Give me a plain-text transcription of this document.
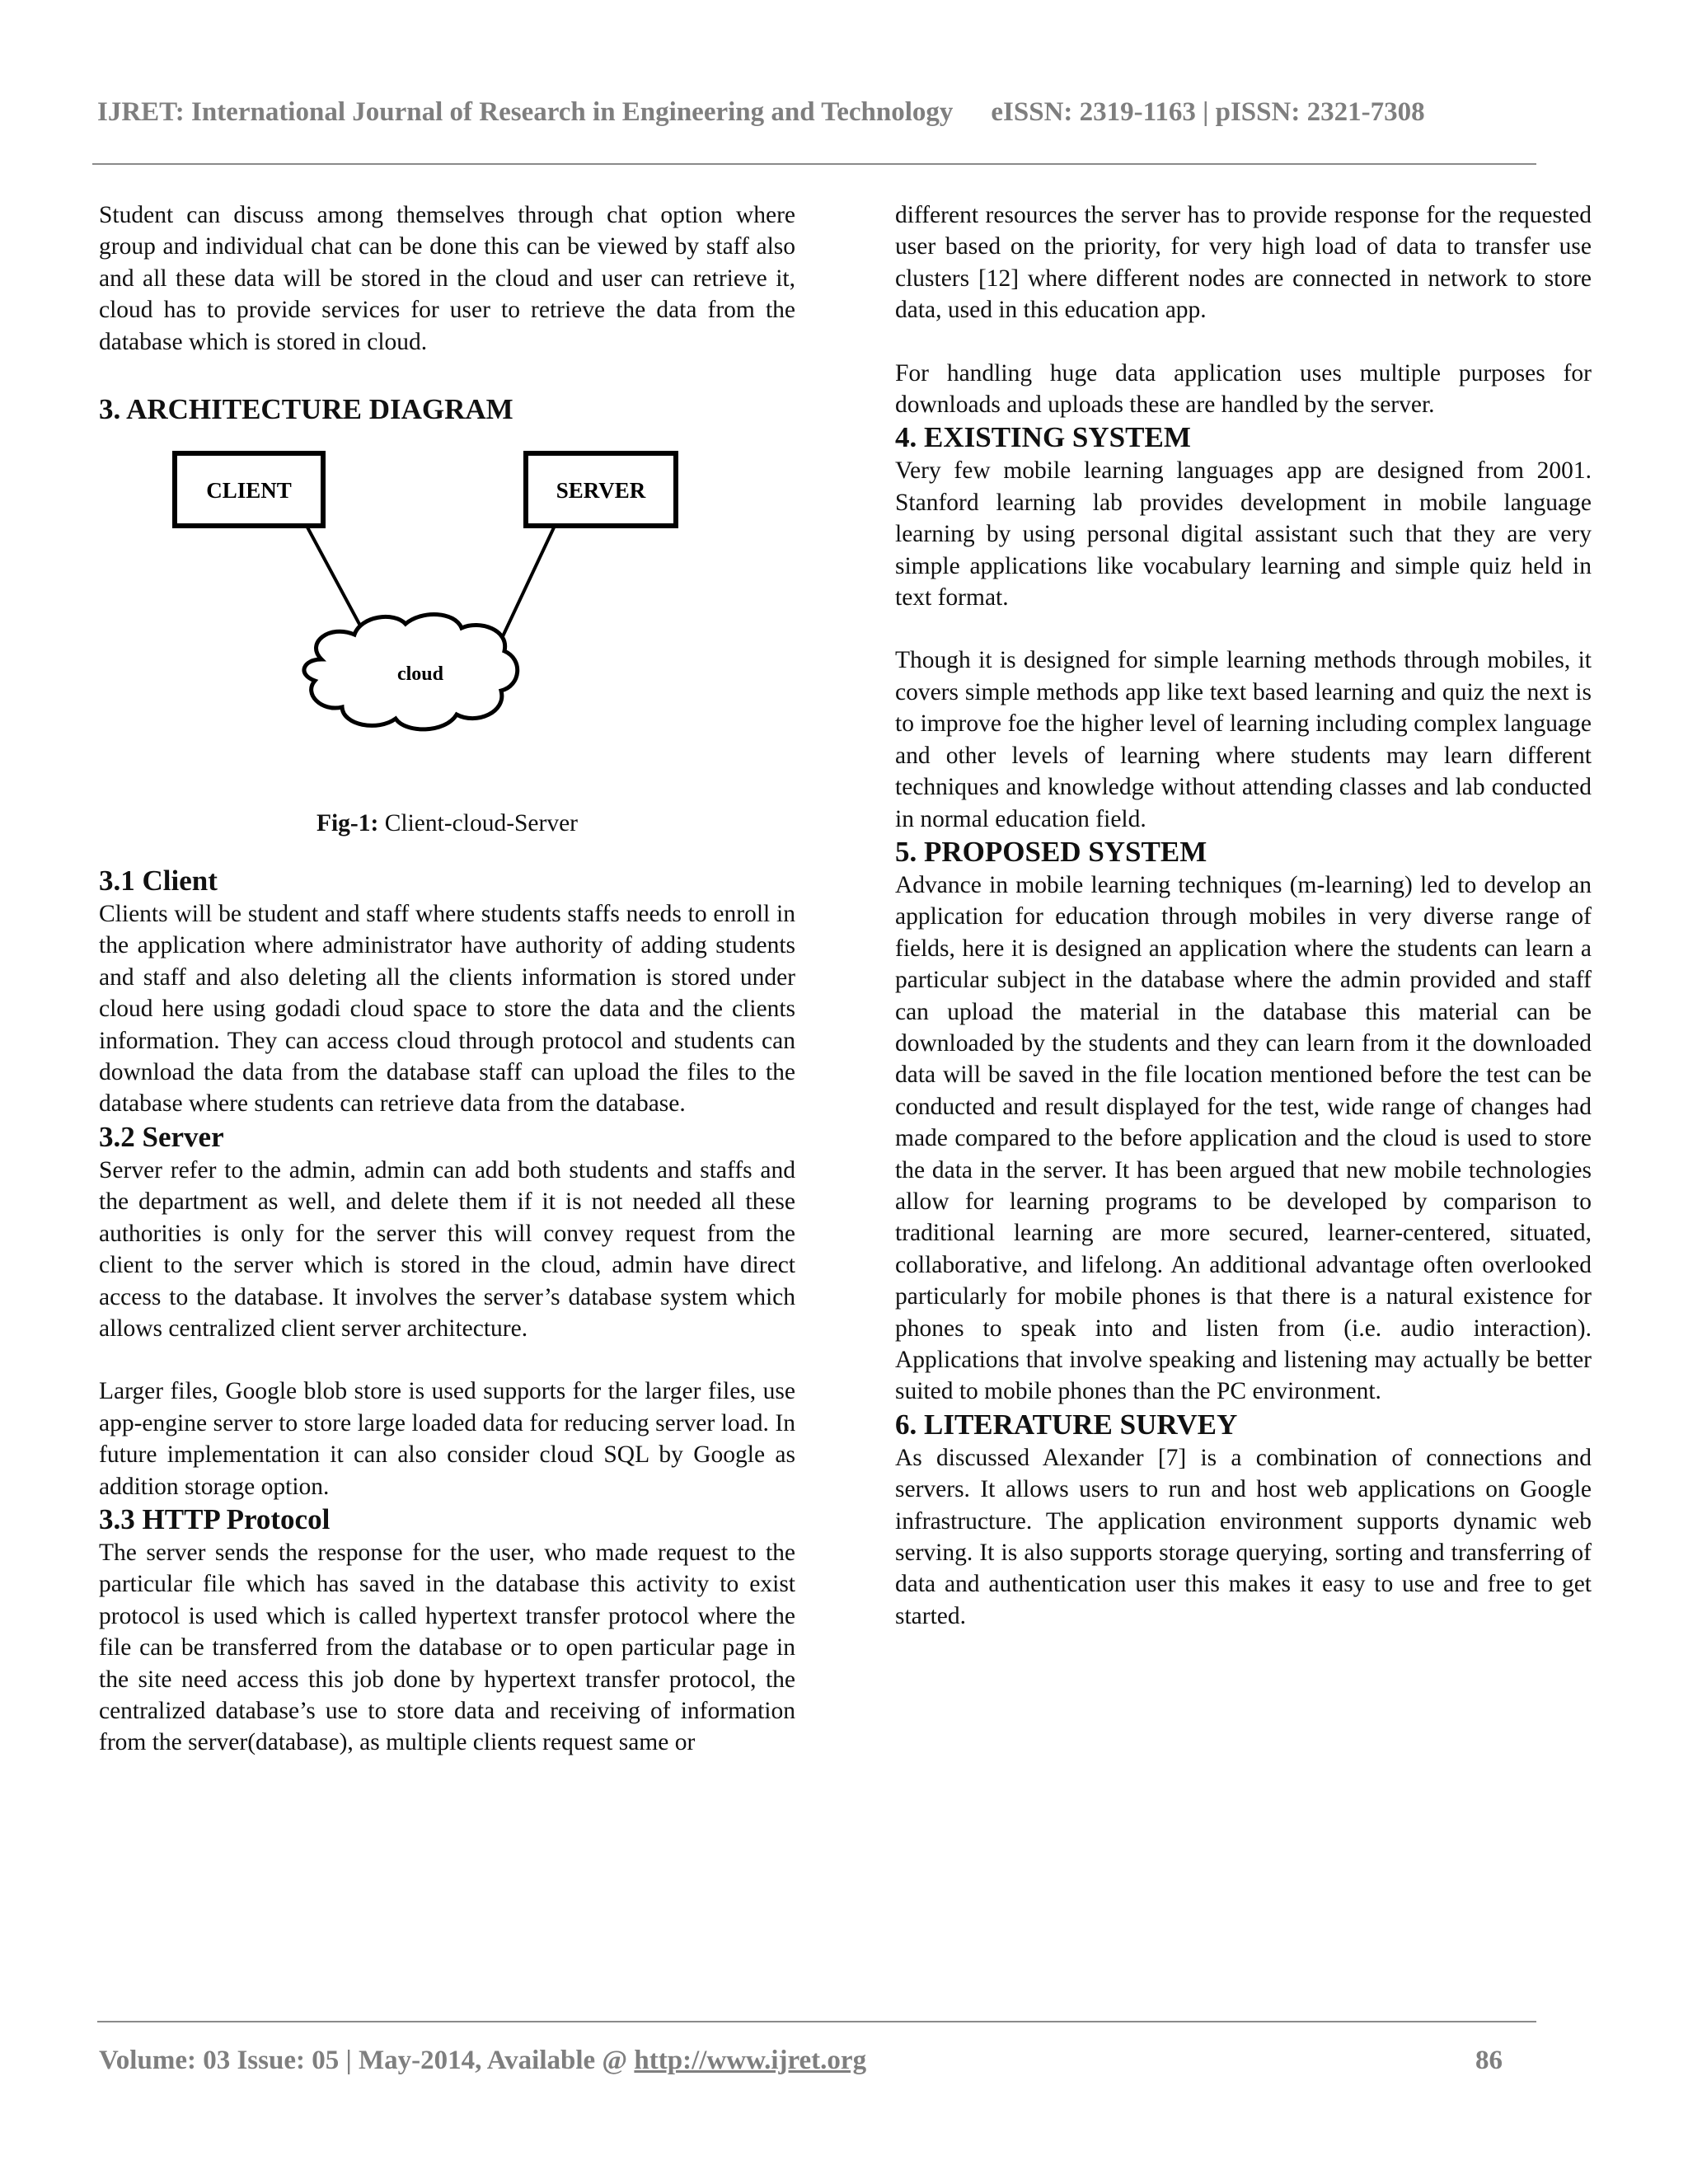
IJRET: International Journal of Research in Engineering and Technology eISSN: 2319-1163 | pISSN: 2321-7308

Student can discuss among themselves through chat option where group and individual chat can be done this can be viewed by staff also and all these data will be stored in the cloud and user can retrieve it, cloud has to provide services for user to retrieve the data from the database which is stored in cloud.

3. ARCHITECTURE DIAGRAM
CLIENT	SERVER
cloud
Fig-1: Client-cloud-Server
3.1 Client

Clients will be student and staff where students staffs needs to enroll in the application where administrator have authority of adding students and staff and also deleting all the clients information is stored under cloud here using godadi cloud space to store the data and the clients information. They can access cloud through protocol and students can download the data from the database staff can upload the files to the database where students can retrieve data from the database.

3.2 Server

Server refer to the admin, admin can add both students and staffs and the department as well, and delete them if it is not needed all these authorities is only for the server this will convey request from the client to the server which is stored in the cloud, admin have direct access to the database. It involves the server’s database system which allows centralized client server architecture.

Larger files, Google blob store is used supports for the larger files, use app-engine server to store large loaded data for reducing server load. In future implementation it can also consider cloud SQL by Google as addition storage option.

3.3 HTTP Protocol

The server sends the response for the user, who made request to the particular file which has saved in the database this activity to exist protocol is used which is called hypertext transfer protocol where the file can be transferred from the database or to open particular page in the site need access this job done by hypertext transfer protocol, the centralized database’s use to store data and receiving of information from the server(database), as multiple clients request same or

different resources the server has to provide response for the requested user based on the priority, for very high load of data to transfer use clusters [12] where different nodes are connected in network to store data, used in this education app.

For handling huge data application uses multiple purposes for downloads and uploads these are handled by the server.

4. EXISTING SYSTEM

Very few mobile learning languages app are designed from 2001. Stanford learning lab provides development in mobile language learning by using personal digital assistant such that they are very simple applications like vocabulary learning and simple quiz held in text format.

Though it is designed for simple learning methods through mobiles, it covers simple methods app like text based learning and quiz the next is to improve foe the higher level of learning including complex language and other levels of learning where students may learn different techniques and knowledge without attending classes and lab conducted in normal education field.

5. PROPOSED SYSTEM

Advance in mobile learning techniques (m-learning) led to develop an application for education through mobiles in very diverse range of fields, here it is designed an application where the students can learn a particular subject in the database where the admin provided and staff can upload the material in the database this material can be downloaded by the students and they can learn from it the downloaded data will be saved in the file location mentioned before the test can be conducted and result displayed for the test, wide range of changes had made compared to the before application and the cloud is used to store the data in the server. It has been argued that new mobile technologies allow for learning programs to be developed by comparison to traditional learning are more secured, learner-centered, situated, collaborative, and lifelong. An additional advantage often overlooked particularly for mobile phones is that there is a natural existence for phones to speak into and listen from (i.e. audio interaction). Applications that involve speaking and listening may actually be better suited to mobile phones than the PC environment.

6. LITERATURE SURVEY

As discussed Alexander [7] is a combination of connections and servers. It allows users to run and host web applications on Google infrastructure. The application environment supports dynamic web serving. It is also supports storage querying, sorting and transferring of data and authentication user this makes it easy to use and free to get started.

Volume: 03 Issue: 05 | May-2014, Available @ http://www.ijret.org	86
